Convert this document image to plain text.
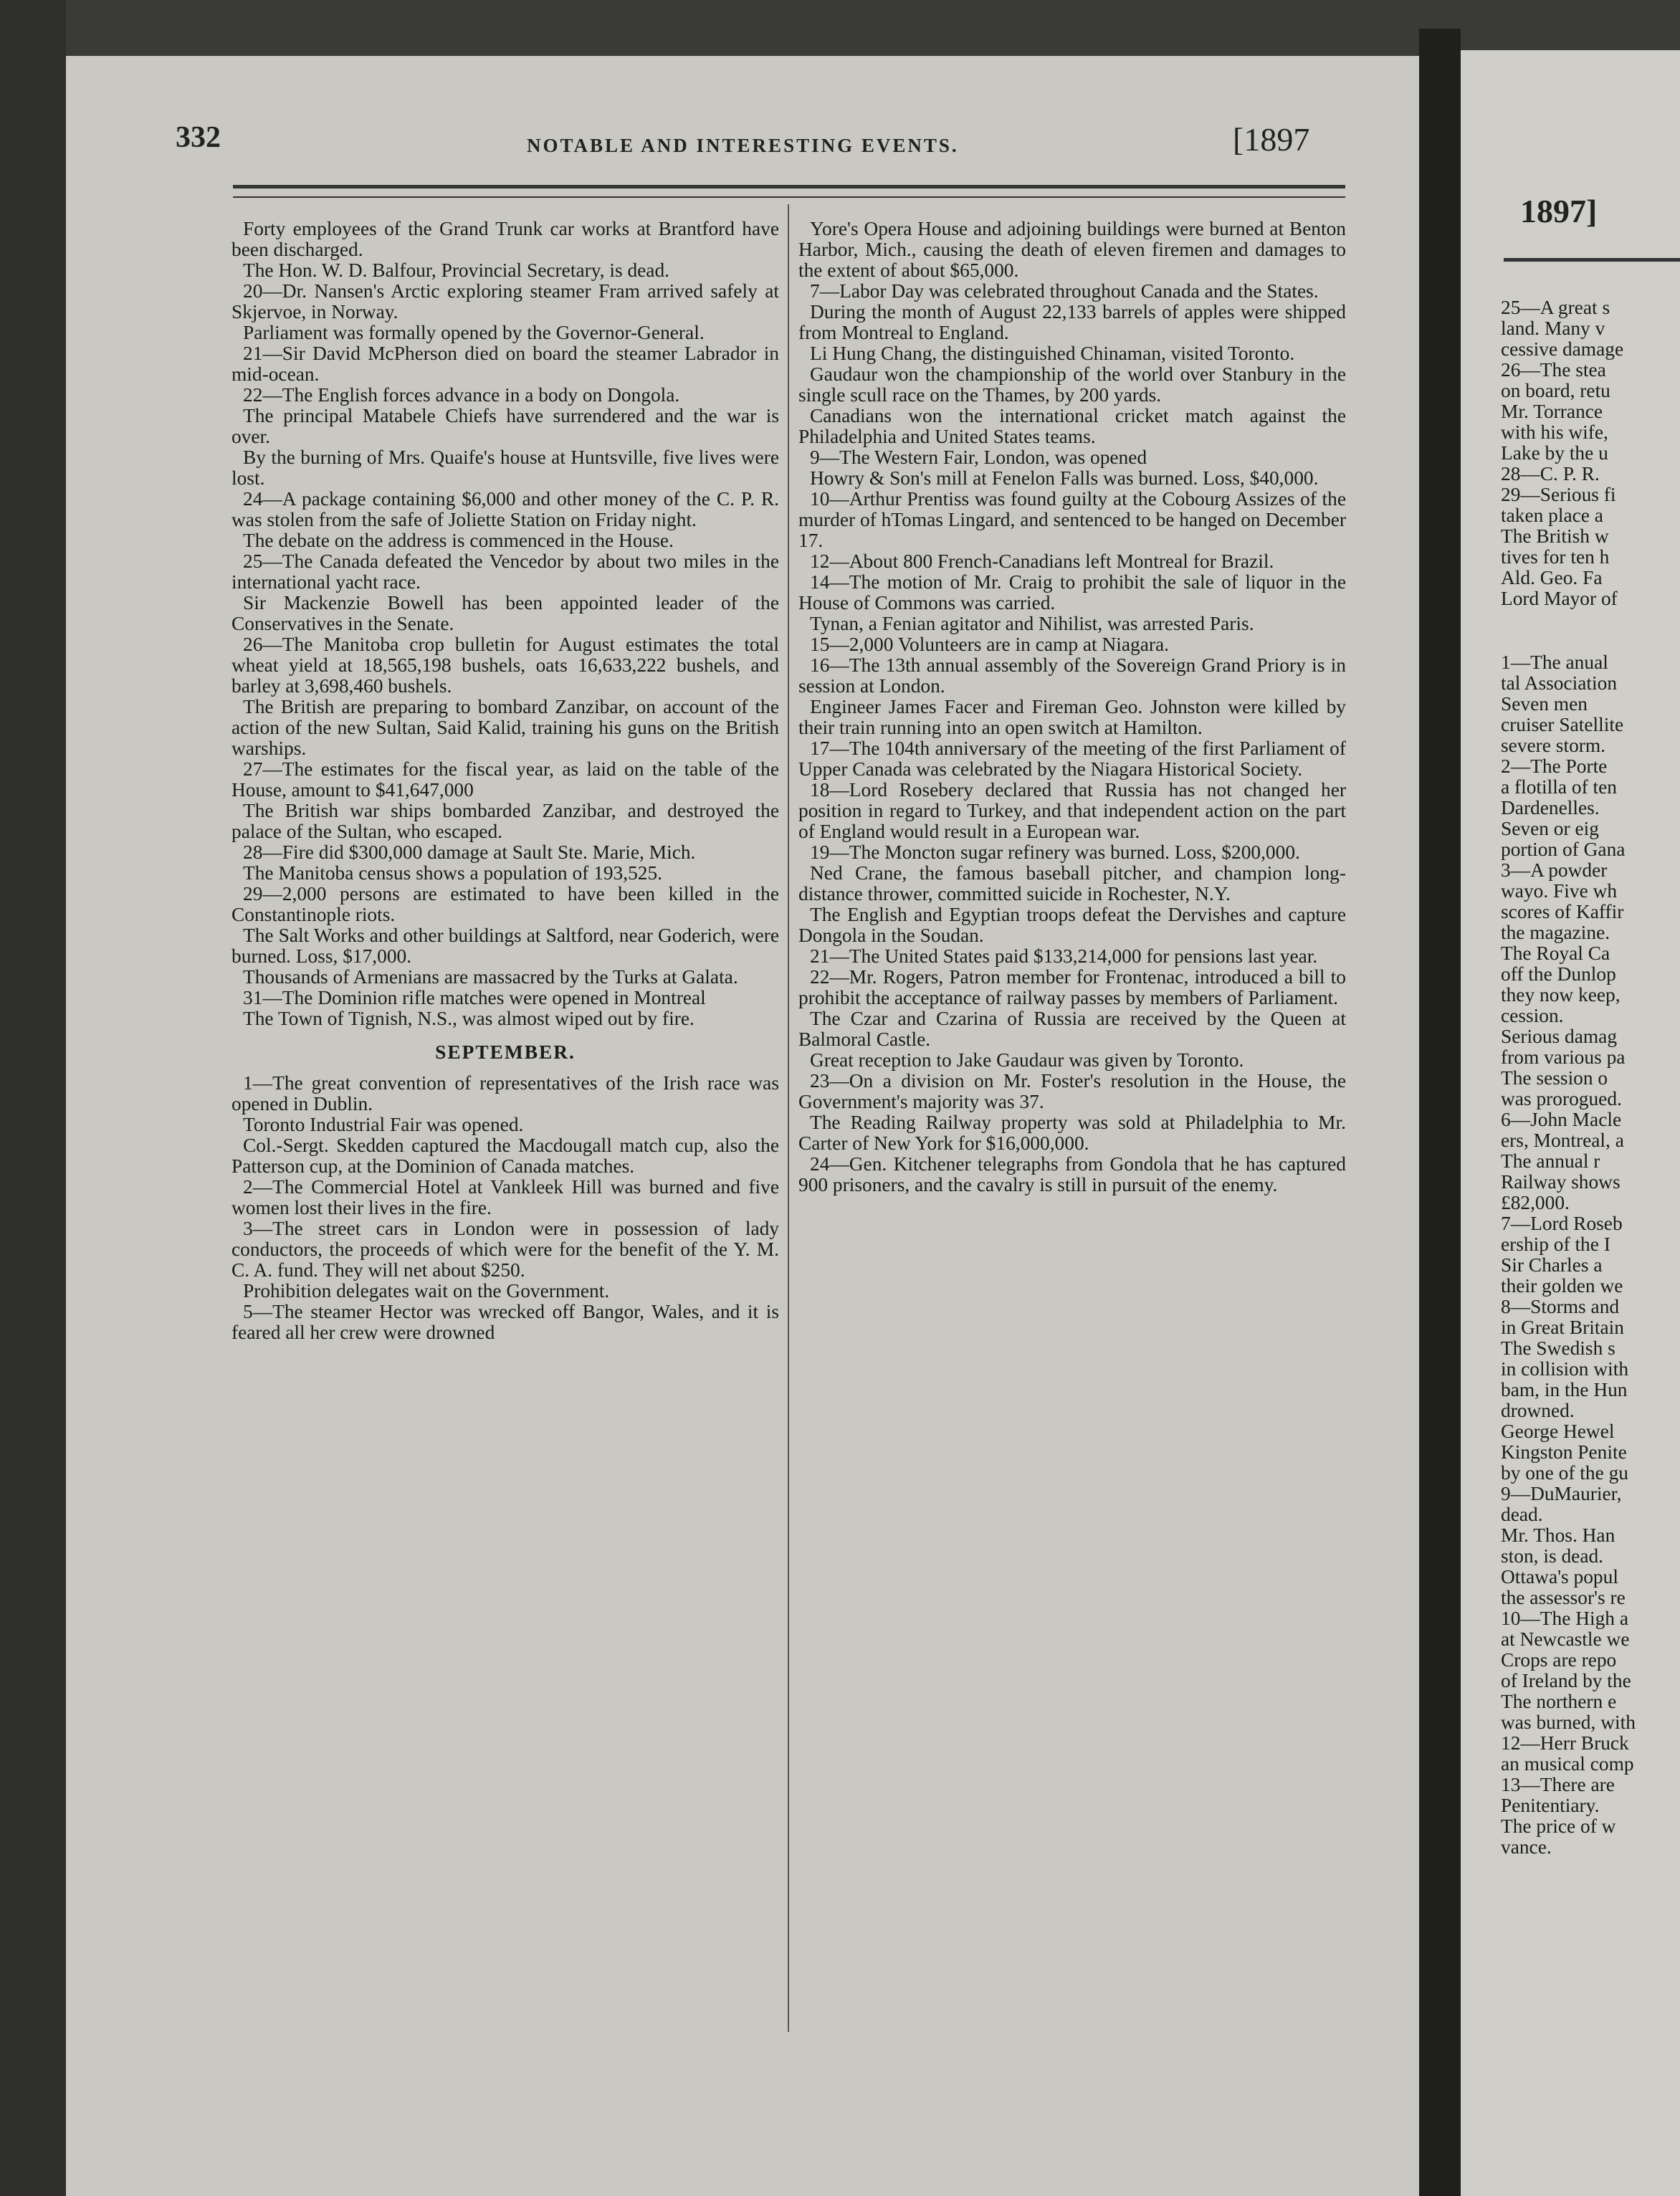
332	NOTABLE AND INTERESTING EVENTS.	[1897
Forty employees of the Grand Trunk car works at Brantford have been discharged.
The Hon. W. D. Balfour, Provincial Secretary, is dead.
20—Dr. Nansen's Arctic exploring steamer Fram arrived safely at Skjervoe, in Norway.
Parliament was formally opened by the Governor-General.
21—Sir David McPherson died on board the steamer Labrador in mid-ocean.
22—The English forces advance in a body on Dongola.
The principal Matabele Chiefs have surrendered and the war is over.
By the burning of Mrs. Quaife's house at Huntsville, five lives were lost.
24—A package containing $6,000 and other money of the C. P. R. was stolen from the safe of Joliette Station on Friday night.
The debate on the address is commenced in the House.
25—The Canada defeated the Vencedor by about two miles in the international yacht race.
Sir Mackenzie Bowell has been appointed leader of the Conservatives in the Senate.
26—The Manitoba crop bulletin for August estimates the total wheat yield at 18,565,198 bushels, oats 16,633,222 bushels, and barley at 3,698,460 bushels.
The British are preparing to bombard Zanzibar, on account of the action of the new Sultan, Said Kalid, training his guns on the British warships.
27—The estimates for the fiscal year, as laid on the table of the House, amount to $41,647,000
The British war ships bombarded Zanzibar, and destroyed the palace of the Sultan, who escaped.
28—Fire did $300,000 damage at Sault Ste. Marie, Mich.
The Manitoba census shows a population of 193,525.
29—2,000 persons are estimated to have been killed in the Constantinople riots.
The Salt Works and other buildings at Saltford, near Goderich, were burned. Loss, $17,000.
Thousands of Armenians are massacred by the Turks at Galata.
31—The Dominion rifle matches were opened in Montreal
The Town of Tignish, N.S., was almost wiped out by fire.
SEPTEMBER.
1—The great convention of representatives of the Irish race was opened in Dublin.
Toronto Industrial Fair was opened.
Col.-Sergt. Skedden captured the Macdougall match cup, also the Patterson cup, at the Dominion of Canada matches.
2—The Commercial Hotel at Vankleek Hill was burned and five women lost their lives in the fire.
3—The street cars in London were in possession of lady conductors, the proceeds of which were for the benefit of the Y. M. C. A. fund. They will net about $250.
Prohibition delegates wait on the Government.
5—The steamer Hector was wrecked off Bangor, Wales, and it is feared all her crew were drowned
Yore's Opera House and adjoining buildings were burned at Benton Harbor, Mich., causing the death of eleven firemen and damages to the extent of about $65,000.
7—Labor Day was celebrated throughout Canada and the States.
During the month of August 22,133 barrels of apples were shipped from Montreal to England.
Li Hung Chang, the distinguished Chinaman, visited Toronto.
Gaudaur won the championship of the world over Stanbury in the single scull race on the Thames, by 200 yards.
Canadians won the international cricket match against the Philadelphia and United States teams.
9—The Western Fair, London, was opened
Howry & Son's mill at Fenelon Falls was burned. Loss, $40,000.
10—Arthur Prentiss was found guilty at the Cobourg Assizes of the murder of hTomas Lingard, and sentenced to be hanged on December 17.
12—About 800 French-Canadians left Montreal for Brazil.
14—The motion of Mr. Craig to prohibit the sale of liquor in the House of Commons was carried.
Tynan, a Fenian agitator and Nihilist, was arrested Paris.
15—2,000 Volunteers are in camp at Niagara.
16—The 13th annual assembly of the Sovereign Grand Priory is in session at London.
Engineer James Facer and Fireman Geo. Johnston were killed by their train running into an open switch at Hamilton.
17—The 104th anniversary of the meeting of the first Parliament of Upper Canada was celebrated by the Niagara Historical Society.
18—Lord Rosebery declared that Russia has not changed her position in regard to Turkey, and that independent action on the part of England would result in a European war.
19—The Moncton sugar refinery was burned. Loss, $200,000.
Ned Crane, the famous baseball pitcher, and champion long-distance thrower, committed suicide in Rochester, N.Y.
The English and Egyptian troops defeat the Dervishes and capture Dongola in the Soudan.
21—The United States paid $133,214,000 for pensions last year.
22—Mr. Rogers, Patron member for Frontenac, introduced a bill to prohibit the acceptance of railway passes by members of Parliament.
The Czar and Czarina of Russia are received by the Queen at Balmoral Castle.
Great reception to Jake Gaudaur was given by Toronto.
23—On a division on Mr. Foster's resolution in the House, the Government's majority was 37.
The Reading Railway property was sold at Philadelphia to Mr. Carter of New York for $16,000,000.
24—Gen. Kitchener telegraphs from Gondola that he has captured 900 prisoners, and the cavalry is still in pursuit of the enemy.
1897]
25—A great s
land. Many v
cessive damage
26—The stea
on board, retu
Mr. Torrance
with his wife,
Lake by the u
28—C. P. R.
29—Serious fi
taken place a
The British w
tives for ten h
Ald. Geo. Fa
Lord Mayor of
1—The anual
tal Association
Seven men
cruiser Satellite
severe storm.
2—The Porte
a flotilla of ten
Dardenelles.
Seven or eig
portion of Gana
3—A powder
wayo. Five wh
scores of Kaffir
the magazine.
The Royal Ca
off the Dunlop
they now keep,
cession.
Serious damag
from various pa
The session o
was prorogued.
6—John Macle
ers, Montreal, a
The annual r
Railway shows
£82,000.
7—Lord Roseb
ership of the I
Sir Charles a
their golden we
8—Storms and
in Great Britain
The Swedish s
in collision with
bam, in the Hun
drowned.
George Hewel
Kingston Penite
by one of the gu
9—DuMaurier,
dead.
Mr. Thos. Han
ston, is dead.
Ottawa's popul
the assessor's re
10—The High a
at Newcastle we
Crops are repo
of Ireland by the
The northern e
was burned, with
12—Herr Bruck
an musical comp
13—There are
Penitentiary.
The price of w
vance.
